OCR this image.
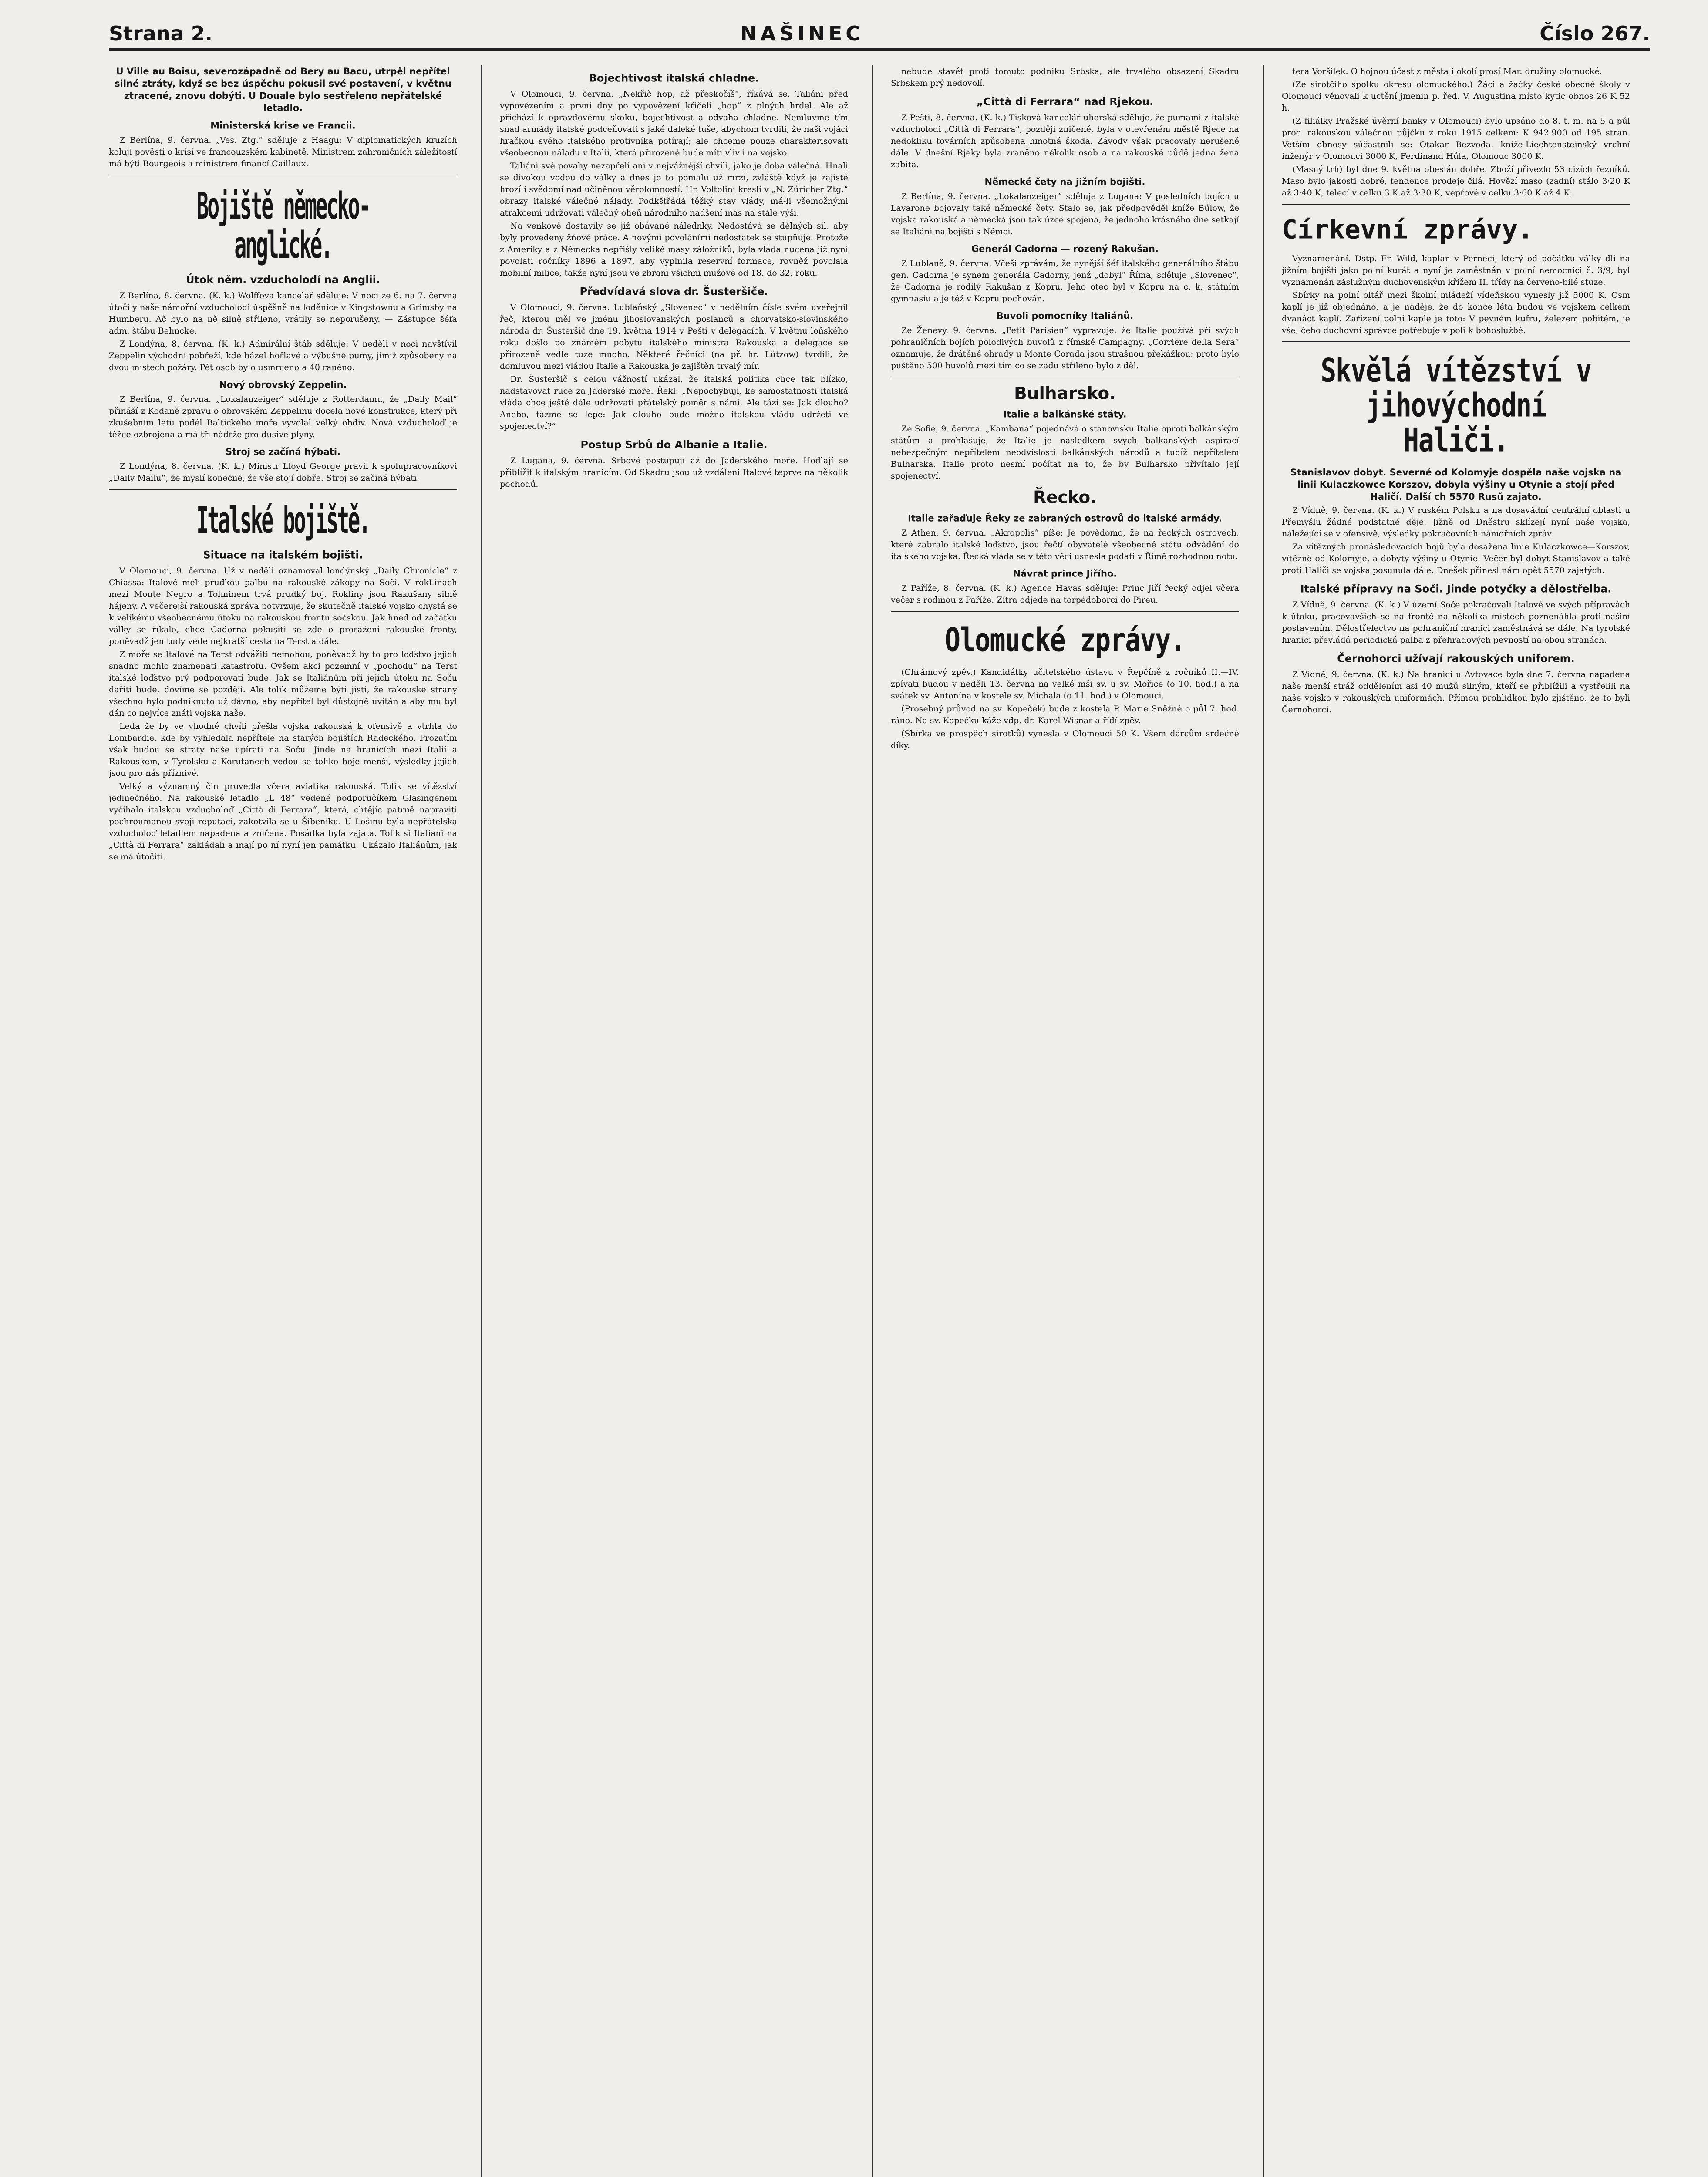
Strana 2.	NAŠINEC	Číslo 267.

U Ville au Boisu, severozápadně od Bery au Bacu, utrpěl nepřítel silné ztráty, když se bez úspěchu pokusil své postavení, v květnu ztracené, znovu dobýti. U Douale bylo sestřeleno nepřátelské letadlo.

Ministerská krise ve Francii.

Z Berlína, 9. června. „Ves. Ztg.“ sděluje z Haagu: V diplomatických kruzích kolují pověsti o krisi ve francouzském kabinetě. Ministrem zahraničních záležitostí má býti Bourgeois a ministrem financí Caillaux.

Bojiště německo-anglické.
Útok něm. vzducholodí na Anglii.

Z Berlína, 8. června. (K. k.) Wolffova kancelář sděluje: V noci ze 6. na 7. června útočily naše námořní vzducholodi úspěšně na loděnice v Kingstownu a Grimsby na Humberu. Ač bylo na ně silně střileno, vrátily se neporušeny. — Zástupce šéfa adm. štábu Behncke.

Z Londýna, 8. června. (K. k.) Admirální štáb sděluje: V neděli v noci navštívil Zeppelin východní pobřeží, kde bázel hořlavé a výbušné pumy, jimiž způsobeny na dvou místech požáry. Pět osob bylo usmrceno a 40 raněno.

Nový obrovský Zeppelin.

Z Berlína, 9. června. „Lokalanzeiger“ sděluje z Rotterdamu, že „Daily Mail“ přináší z Kodaně zprávu o obrovském Zeppelinu docela nové konstrukce, který při zkušebním letu podél Baltického moře vyvolal velký obdiv. Nová vzducholoď je těžce ozbrojena a má tři nádrže pro dusivé plyny.

Stroj se začíná hýbati.

Z Londýna, 8. června. (K. k.) Ministr Lloyd George pravil k spolupracovníkovi „Daily Mailu“, že myslí konečně, že vše stojí dobře. Stroj se začíná hýbati.

Italské bojiště.
Situace na italském bojišti.

V Olomouci, 9. června. Už v neděli oznamoval londýnský „Daily Chronicle“ z Chiassa: Italové měli prudkou palbu na rakouské zákopy na Soči. V rokLinách mezi Monte Negro a Tolminem trvá prudký boj. Rokliny jsou Rakušany silně hájeny. A večerejší rakouská zpráva potvrzuje, že skutečně italské vojsko chystá se k velikému všeobecnému útoku na rakouskou frontu sočskou. Jak hned od začátku války se říkalo, chce Cadorna pokusiti se zde o prorážení rakouské fronty, poněvadž jen tudy vede nejkratší cesta na Terst a dále.

Z moře se Italové na Terst odvážiti nemohou, poněvadž by to pro loďstvo jejich snadno mohlo znamenati katastrofu. Ovšem akci pozemní v „pochodu“ na Terst italské loďstvo prý podporovati bude. Jak se Italiánům při jejich útoku na Soču dařiti bude, dovíme se později. Ale tolik můžeme býti jisti, že rakouské strany všechno bylo podniknuto už dávno, aby nepřítel byl důstojně uvítán a aby mu byl dán co nejvíce znáti vojska naše.

Leda že by ve vhodné chvíli přešla vojska rakouská k ofensivě a vtrhla do Lombardie, kde by vyhledala nepřítele na starých bojištích Radeckého. Prozatím však budou se straty naše upírati na Soču. Jinde na hranicích mezi Italií a Rakouskem, v Tyrolsku a Korutanech vedou se toliko boje menší, výsledky jejich jsou pro nás příznivé.

Velký a významný čin provedla včera aviatika rakouská. Tolik se vítězství jedinečného. Na rakouské letadlo „L 48“ vedené podporučíkem Glasingenem vyčíhalo italskou vzducholoď „Città di Ferrara“, která, chtějíc patrně napraviti pochroumanou svoji reputaci, zakotvila se u Šibeniku. U Lošinu byla nepřátelská vzducholoď letadlem napadena a zničena. Posádka byla zajata. Tolik si Italiani na „Città di Ferrara“ zakládali a mají po ní nyní jen památku. Ukázalo Italiánům, jak se má útočiti.

Bojechtivost italská chladne.

V Olomouci, 9. června. „Nekřič hop, až přeskočíš“, říkává se. Taliáni před vypovězením a první dny po vypovězení křičeli „hop“ z plných hrdel. Ale až přichází k opravdovému skoku, bojechtivost a odvaha chladne. Nemluvme tím snad armády italské podceňovati s jaké daleké tuše, abychom tvrdili, že naši vojáci hračkou svého italského protivníka potírají; ale chceme pouze charakterisovati všeobecnou náladu v Italii, která přirozeně bude míti vliv i na vojsko.

Taliáni své povahy nezapřeli ani v nejvážnější chvíli, jako je doba válečná. Hnali se divokou vodou do války a dnes jo to pomalu už mrzí, zvláště když je zajisté hrozí i svědomí nad učiněnou věrolomností. Hr. Voltolini kreslí v „N. Züricher Ztg.“ obrazy italské válečné nálady. Podkštřádá těžký stav vlády, má-li všemožnými atrakcemi udržovati válečný oheň národního nadšení mas na stále výši.

Na venkově dostavily se již obávané nálednky. Nedostává se dělných sil, aby byly provedeny žňové práce. A novými povoláními nedostatek se stupňuje. Protože z Ameriky a z Německa nepřišly veliké masy záložníků, byla vláda nucena již nyní povolati ročníky 1896 a 1897, aby vyplnila reservní formace, rovněž povolala mobilní milice, takže nyní jsou ve zbrani všichni mužové od 18. do 32. roku.

Předvídavá slova dr. Šusteršiče.

V Olomouci, 9. června. Lublaňský „Slovenec“ v nedělním čísle svém uveřejnil řeč, kterou měl ve jménu jihoslovanských poslanců a chorvatsko-slovinského národa dr. Šusteršič dne 19. května 1914 v Pešti v delegacích. V květnu loňského roku došlo po známém pobytu italského ministra Rakouska a delegace se přirozeně vedle tuze mnoho. Některé řečníci (na př. hr. Lützow) tvrdili, že domluvou mezi vládou Italie a Rakouska je zajištěn trvalý mír.

Dr. Šusteršič s celou vážností ukázal, že italská politika chce tak blízko, nadstavovat ruce za Jaderské moře. Řekl: „Nepochybuji, ke samostatnosti italská vláda chce ještě dále udržovati přátelský poměr s námi. Ale tázi se: Jak dlouho? Anebo, tázme se lépe: Jak dlouho bude možno italskou vládu udržeti ve spojenectví?“

Postup Srbů do Albanie a Italie.

Z Lugana, 9. června. Srbové postupují až do Jaderského moře. Hodlají se přiblížit k italským hranicím. Od Skadru jsou už vzdáleni Italové teprve na několik pochodů.

nebude stavět proti tomuto podniku Srbska, ale trvalého obsazení Skadru Srbskem prý nedovolí.

„Città di Ferrara“ nad Rjekou.

Z Pešti, 8. června. (K. k.) Tisková kancelář uherská sděluje, že pumami z italské vzducholodi „Città di Ferrara“, později zničené, byla v otevřeném městě Rjece na nedokliku továrních způsobena hmotná škoda. Závody však pracovaly nerušeně dále. V dnešní Rjeky byla zraněno několik osob a na rakouské půdě jedna žena zabita.

Německé čety na jižním bojišti.

Z Berlína, 9. června. „Lokalanzeiger“ sděluje z Lugana: V posledních bojích u Lavarone bojovaly také německé čety. Stalo se, jak předpověděl kníže Bülow, že vojska rakouská a německá jsou tak úzce spojena, že jednoho krásného dne setkají se Italiáni na bojišti s Němci.

Generál Cadorna — rozený Rakušan.

Z Lublaně, 9. června. Včeši zprávám, že nynější šéf italského generálního štábu gen. Cadorna je synem generála Cadorny, jenž „dobyl“ Říma, sděluje „Slovenec“, že Cadorna je rodilý Rakušan z Kopru. Jeho otec byl v Kopru na c. k. státním gymnasiu a je též v Kopru pochován.

Buvoli pomocníky Italiánů.

Ze Ženevy, 9. června. „Petit Parisien“ vypravuje, že Italie používá při svých pohraničních bojích polodivých buvolů z římské Campagny. „Corriere della Sera“ oznamuje, že drátěné ohrady u Monte Corada jsou strašnou překážkou; proto bylo puštěno 500 buvolů mezi tím co se zadu stříleno bylo z děl.

Bulharsko.
Italie a balkánské státy.

Ze Sofie, 9. června. „Kambana“ pojednává o stanovisku Italie oproti balkánským státům a prohlašuje, že Italie je následkem svých balkánských aspirací nebezpečným nepřítelem neodvislosti balkánských národů a tudíž nepřítelem Bulharska. Italie proto nesmí počítat na to, že by Bulharsko přivítalo její spojenectví.

Řecko.
Italie zařaďuje Řeky ze zabraných ostrovů do italské armády.

Z Athen, 9. června. „Akropolis“ píše: Je povědomo, že na řeckých ostrovech, které zabralo italské loďstvo, jsou řečtí obyvatelé všeobecně státu odvádění do italského vojska. Řecká vláda se v této věci usnesla podati v Římě rozhodnou notu.

Návrat prince Jiřího.

Z Paříže, 8. června. (K. k.) Agence Havas sděluje: Princ Jiří řecký odjel včera večer s rodinou z Paříže. Zítra odjede na torpédoborci do Pireu.

Olomucké zprávy.

(Chrámový zpěv.) Kandidátky učitelského ústavu v Řepčíně z ročníků II.—IV. zpívati budou v neděli 13. června na velké mši sv. u sv. Mořice (o 10. hod.) a na svátek sv. Antonína v kostele sv. Michala (o 11. hod.) v Olomouci.

(Prosebný průvod na sv. Kopeček) bude z kostela P. Marie Sněžné o půl 7. hod. ráno. Na sv. Kopečku káže vdp. dr. Karel Wisnar a řídí zpěv.

(Sbírka ve prospěch sirotků) vynesla v Olomouci 50 K. Všem dárcům srdečné díky.

tera Voršilek. O hojnou účast z města i okolí prosí Mar. družiny olomucké.

(Ze sirotčího spolku okresu olomuckého.) Žáci a žačky české obecné školy v Olomouci věnovali k uctění jmenin p. řed. V. Augustina místo kytic obnos 26 K 52 h.

(Z filiálky Pražské úvěrní banky v Olomouci) bylo upsáno do 8. t. m. na 5 a půl proc. rakouskou válečnou půjčku z roku 1915 celkem: K 942.900 od 195 stran. Větším obnosy súčastnili se: Otakar Bezvoda, kníže-Liechtensteinský vrchní inženýr v Olomouci 3000 K, Ferdinand Hůla, Olomouc 3000 K.

(Masný trh) byl dne 9. května obeslán dobře. Zboží přivezlo 53 cizích řezníků. Maso bylo jakosti dobré, tendence prodeje čilá. Hovězí maso (zadní) stálo 3·20 K až 3·40 K, telecí v celku 3 K až 3·30 K, vepřové v celku 3·60 K až 4 K.

Církevní zprávy.

Vyznamenání. Dstp. Fr. Wild, kaplan v Perneci, který od počátku války dlí na jižním bojišti jako polní kurát a nyní je zaměstnán v polní nemocnici č. 3/9, byl vyznamenán záslužným duchovenským křížem II. třídy na červeno-bílé stuze.

Sbírky na polní oltář mezi školní mládeží vídeňskou vynesly již 5000 K. Osm kaplí je již objednáno, a je naděje, že do konce léta budou ve vojskem celkem dvanáct kaplí. Zařízení polní kaple je toto: V pevném kufru, železem pobitém, je vše, čeho duchovní správce potřebuje v poli k bohoslužbě.

Skvělá vítězství v jihovýchodní Haliči.

Stanislavov dobyt. Severně od Kolomyje dospěla naše vojska na linii Kulaczkowce Korszov, dobyla výšiny u Otynie a stojí před Haličí. Další ch 5570 Rusů zajato.

Z Vídně, 9. června. (K. k.) V ruském Polsku a na dosavádní centrální oblasti u Přemyšlu žádné podstatné děje. Jižně od Dněstru sklízejí nyní naše vojska, náležející se v ofensivě, výsledky pokračovních námořních zpráv.

Za vítězných pronásledovacích bojů byla dosažena linie Kulaczkowce—Korszov, vítězně od Kolomyje, a dobyty výšiny u Otynie. Večer byl dobyt Stanislavov a také proti Haliči se vojska posunula dále. Dnešek přinesl nám opět 5570 zajatých.

Italské přípravy na Soči. Jinde potyčky a dělostřelba.

Z Vídně, 9. června. (K. k.) V území Soče pokračovali Italové ve svých přípravách k útoku, pracovavších se na frontě na několika místech poznenáhla proti našim postavením. Dělostřelectvo na pohraniční hranici zaměstnává se dále. Na tyrolské hranici převládá periodická palba z přehradových pevností na obou stranách.

Černohorci užívají rakouských uniforem.

Z Vídně, 9. června. (K. k.) Na hranici u Avtovace byla dne 7. června napadena naše menší stráž oddělením asi 40 mužů silným, kteří se přiblížili a vystřelili na naše vojsko v rakouských uniformách. Přímou prohlídkou bylo zjištěno, že to byli Černohorci.
